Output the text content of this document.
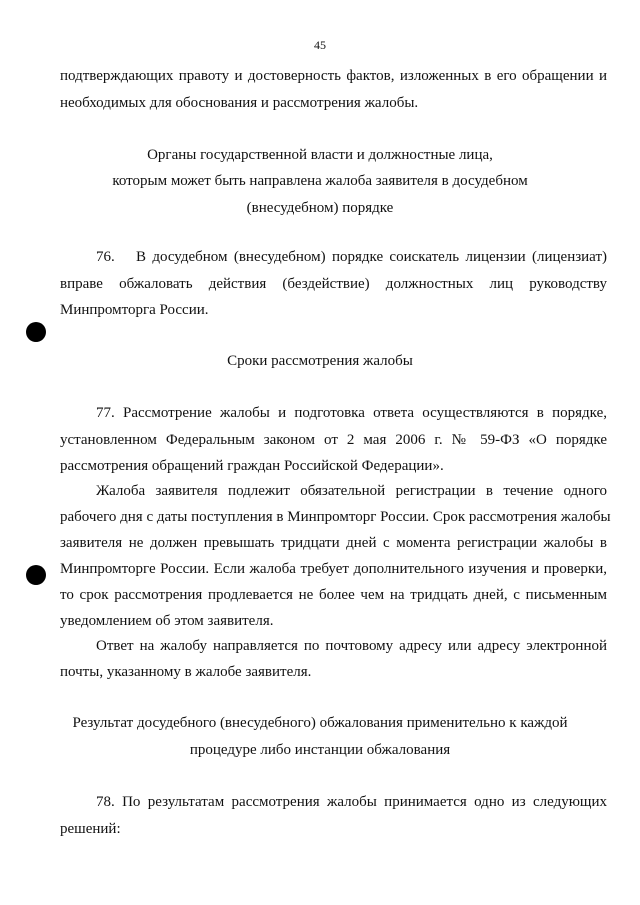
45
подтверждающих правоту и достоверность фактов, изложенных в его обращении и
необходимых для обоснования и рассмотрения жалобы.
Органы государственной власти и должностные лица,
которым может быть направлена жалоба заявителя в досудебном
(внесудебном) порядке
76. В досудебном (внесудебном) порядке соискатель лицензии (лицензиат)
вправе обжаловать действия (бездействие) должностных лиц руководству
Минпромторга России.
Сроки рассмотрения жалобы
77. Рассмотрение жалобы и подготовка ответа осуществляются в порядке,
установленном Федеральным законом от 2 мая 2006 г. № 59-ФЗ «О порядке
рассмотрения обращений граждан Российской Федерации».
Жалоба заявителя подлежит обязательной регистрации в течение одного
рабочего дня с даты поступления в Минпромторг России. Срок рассмотрения жалобы
заявителя не должен превышать тридцати дней с момента регистрации жалобы в
Минпромторге России. Если жалоба требует дополнительного изучения и проверки,
то срок рассмотрения продлевается не более чем на тридцать дней, с письменным
уведомлением об этом заявителя.
Ответ на жалобу направляется по почтовому адресу или адресу электронной
почты, указанному в жалобе заявителя.
Результат досудебного (внесудебного) обжалования применительно к каждой
процедуре либо инстанции обжалования
78. По результатам рассмотрения жалобы принимается одно из следующих
решений:
